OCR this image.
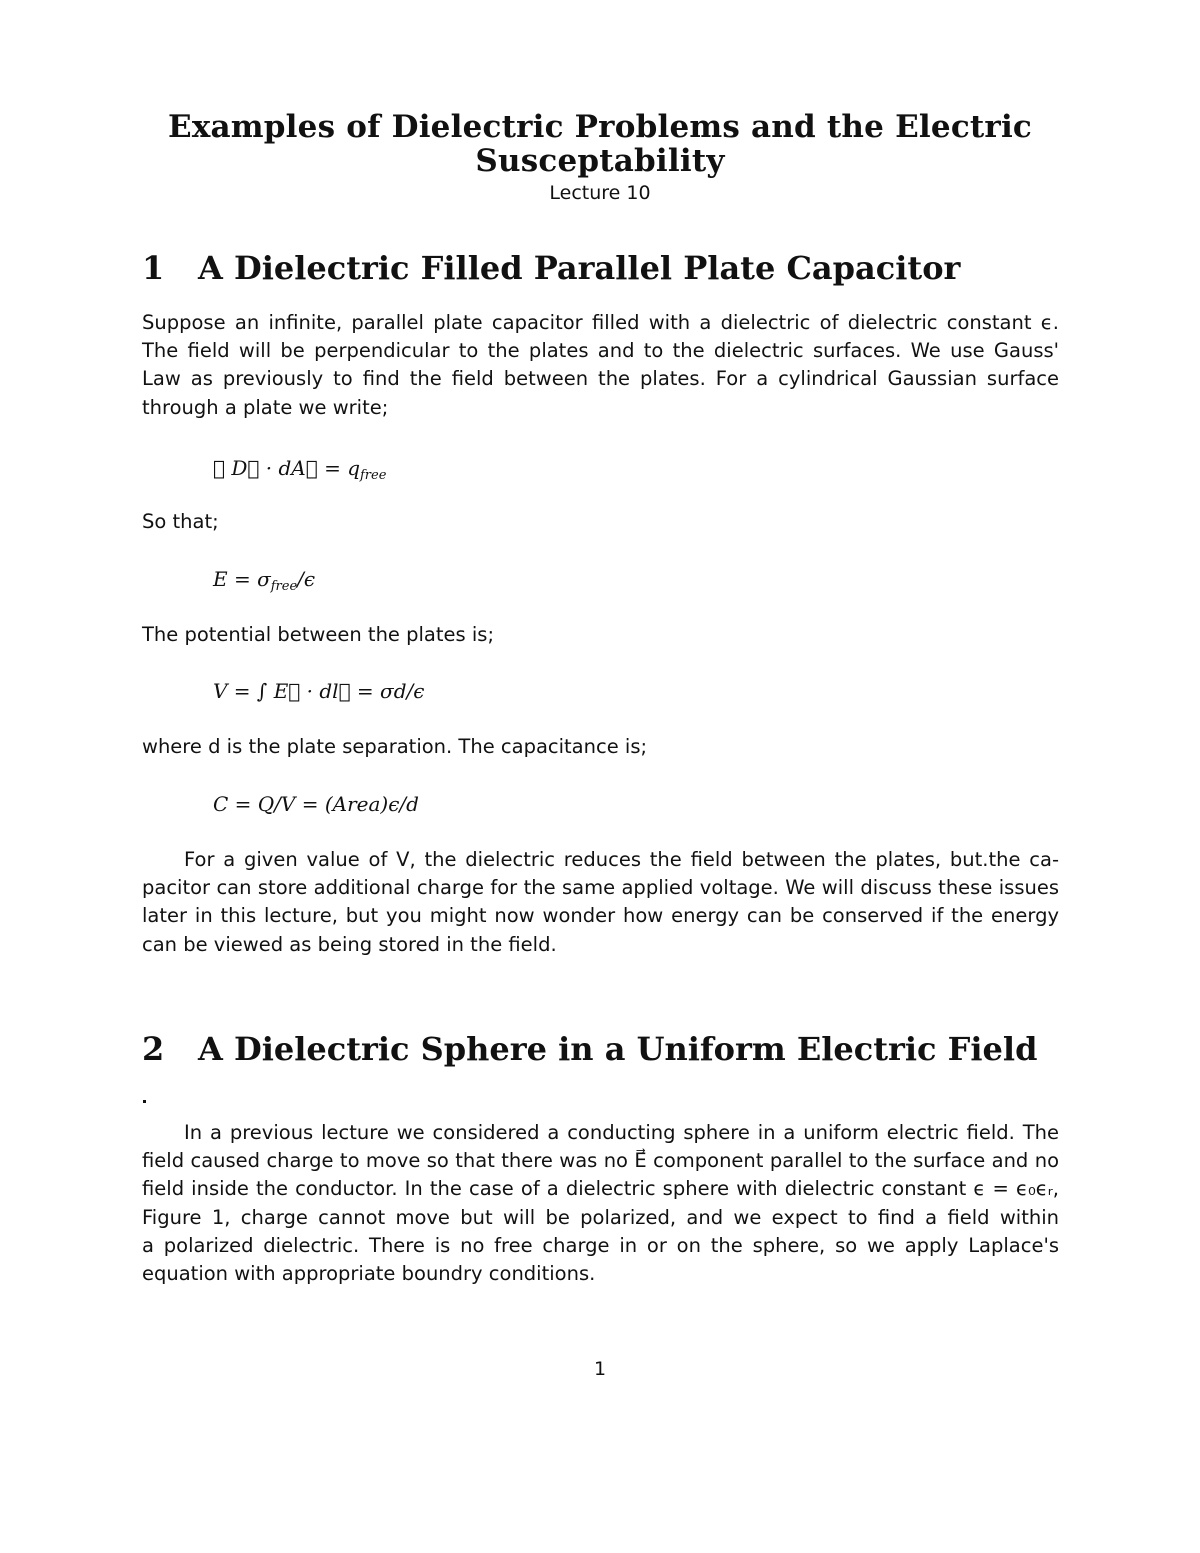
Examples of Dielectric Problems and the Electric
Susceptability
Lecture 10
1 A Dielectric Filled Parallel Plate Capacitor
Suppose an infinite, parallel plate capacitor filled with a dielectric of dielectric constant ϵ.
The field will be perpendicular to the plates and to the dielectric surfaces. We use Gauss'
Law as previously to find the field between the plates. For a cylindrical Gaussian surface
through a plate we write;
∮ D⃗ · dA⃗ = $q_{free}$
So that;
$E = \sigma_{free}/\epsilon$
The potential between the plates is;
V = ∫ E⃗ · dl⃗ = σd/ϵ
where d is the plate separation. The capacitance is;
C = Q/V = (Area)ϵ/d
For a given value of V, the dielectric reduces the field between the plates, but.the ca-
pacitor can store additional charge for the same applied voltage. We will discuss these issues
later in this lecture, but you might now wonder how energy can be conserved if the energy
can be viewed as being stored in the field.
2 A Dielectric Sphere in a Uniform Electric Field
In a previous lecture we considered a conducting sphere in a uniform electric field. The
field caused charge to move so that there was no E⃗ component parallel to the surface and no
field inside the conductor. In the case of a dielectric sphere with dielectric constant ϵ = ϵ₀ϵᵣ,
Figure 1, charge cannot move but will be polarized, and we expect to find a field within
a polarized dielectric. There is no free charge in or on the sphere, so we apply Laplace's
equation with appropriate boundry conditions.
1
